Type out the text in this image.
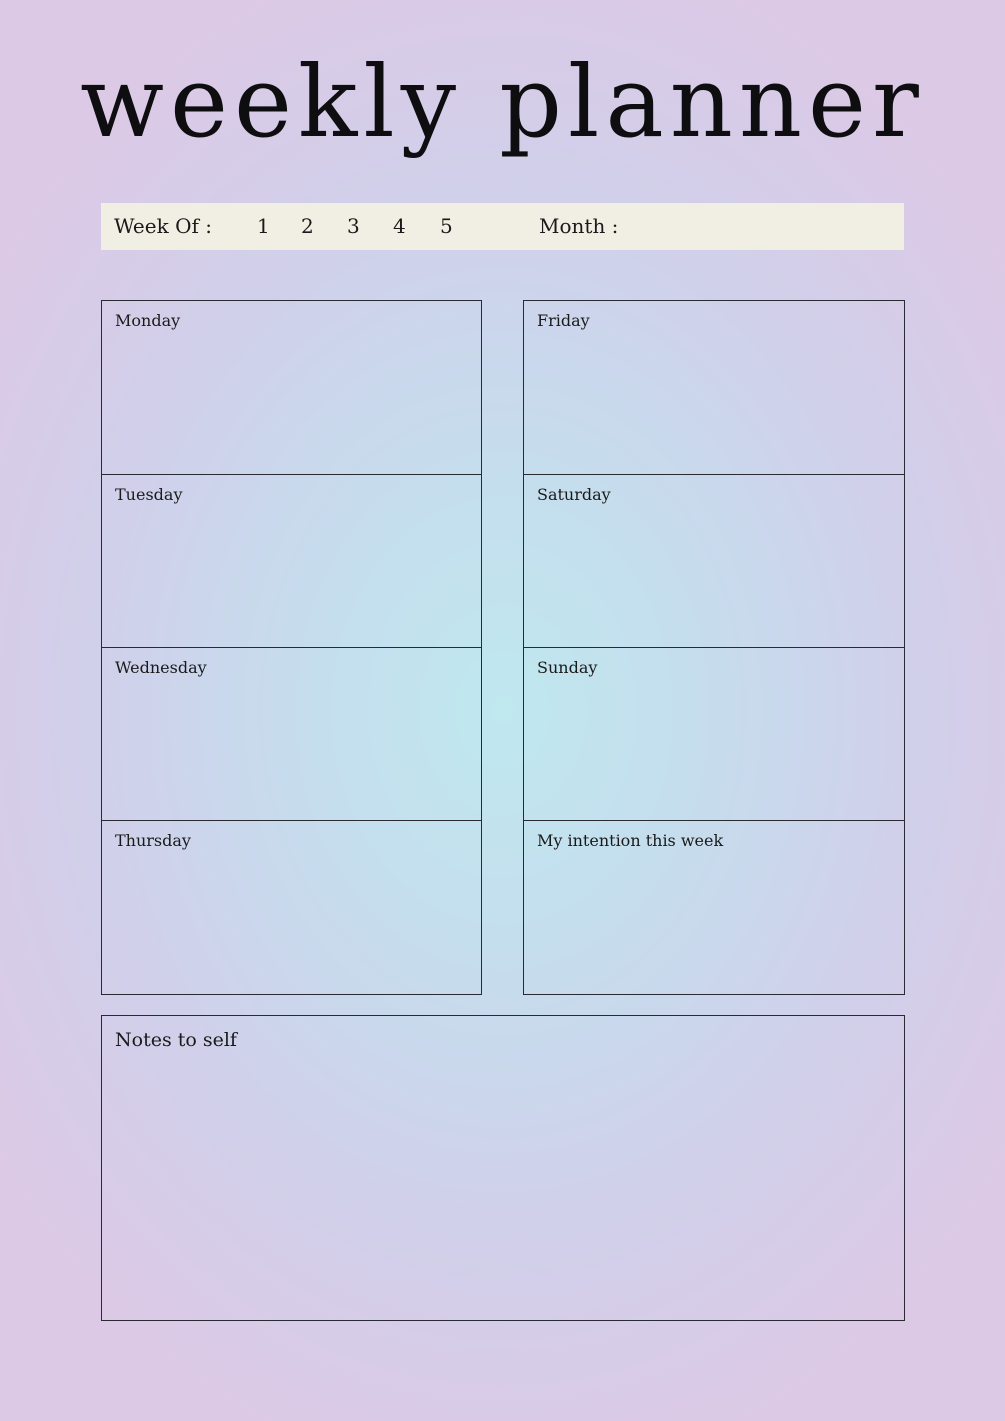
weekly planner
Week Of : 1 2 3 4 5	Month :
Monday
Tuesday
Wednesday
Thursday
Friday
Saturday
Sunday
My intention this week
Notes to self
